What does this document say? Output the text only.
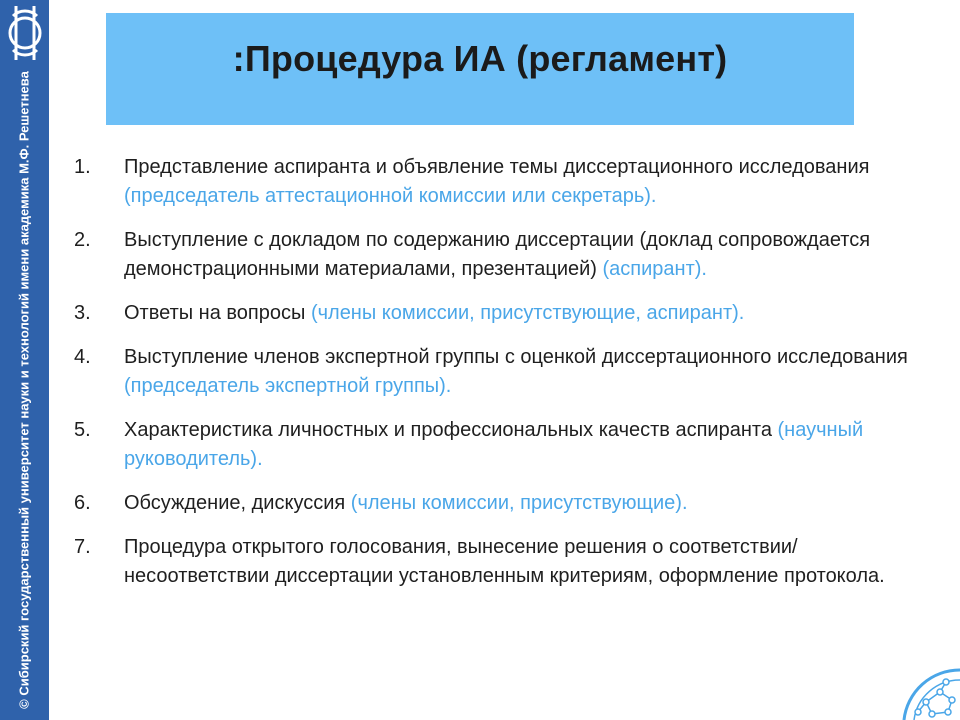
© Сибирский государственный университет науки и технологий имени академика М.Ф. Решетнева
:Процедура ИА (регламент)
1. Представление аспиранта и объявление темы диссертационного исследования (председатель аттестационной комиссии или секретарь).
2. Выступление с докладом по содержанию диссертации (доклад сопровождается демонстрационными материалами, презентацией) (аспирант).
3. Ответы на вопросы (члены комиссии, присутствующие, аспирант).
4. Выступление членов экспертной группы с оценкой диссертационного исследования (председатель экспертной группы).
5. Характеристика личностных и профессиональных качеств аспиранта (научный руководитель).
6. Обсуждение, дискуссия (члены комиссии, присутствующие).
7. Процедура открытого голосования, вынесение решения о соответствии/ несоответствии диссертации установленным критериям, оформление протокола.
